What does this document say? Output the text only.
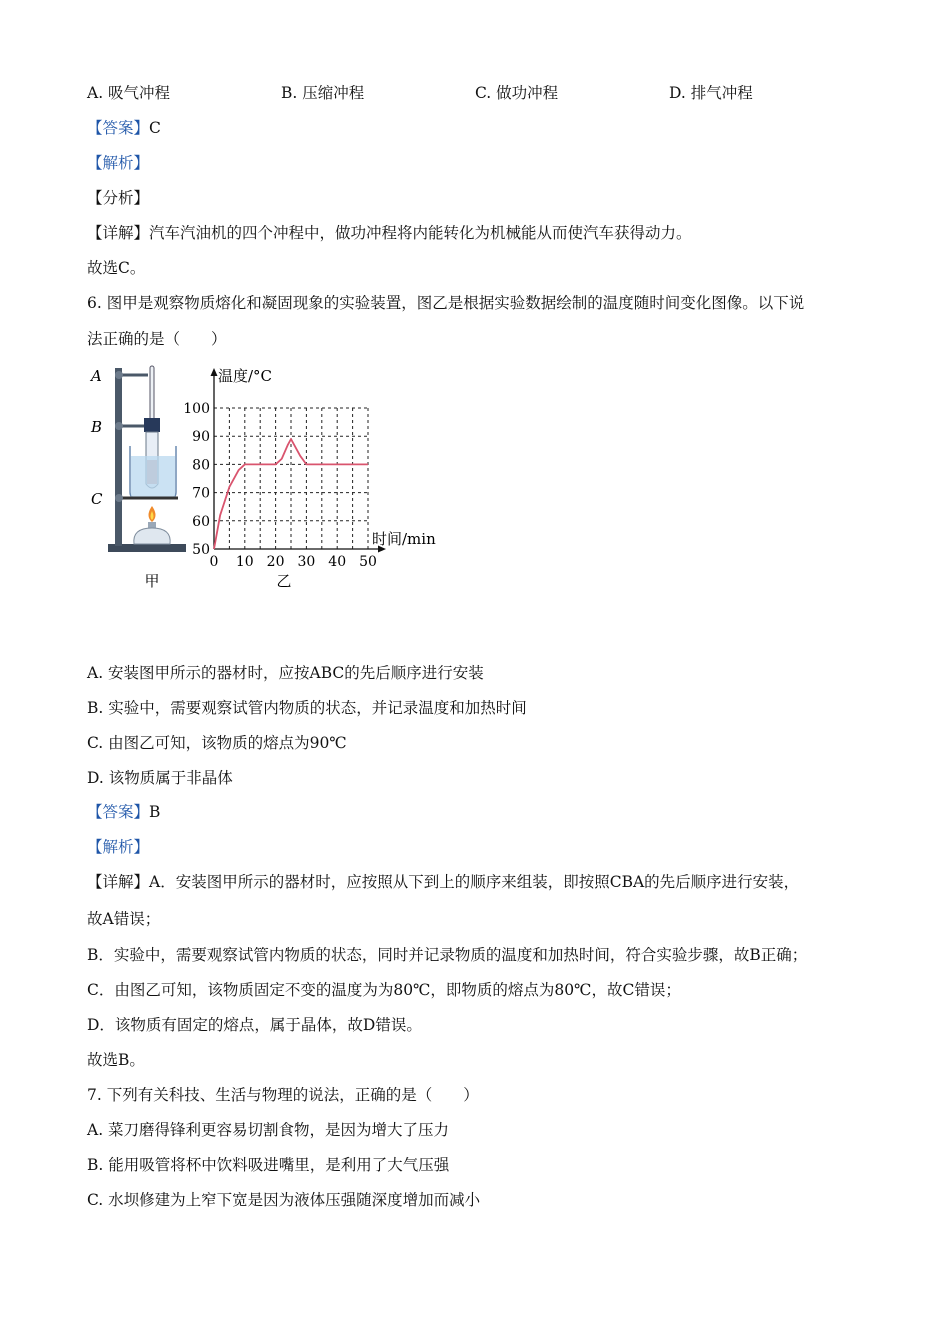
A. 吸气冲程	B. 压缩冲程	C. 做功冲程	D. 排气冲程
【答案】C
【解析】
【分析】
【详解】汽车汽油机的四个冲程中，做功冲程将内能转化为机械能从而使汽车获得动力。
故选C。
6. 图甲是观察物质熔化和凝固现象的实验装置，图乙是根据实验数据绘制的温度随时间变化图像。以下说
法正确的是（　　）
A
B
C
甲
50
60
70
80
90
100
0 10 20 30 40 50
温度/°C
时间/min
乙
A. 安装图甲所示的器材时，应按ABC的先后顺序进行安装
B. 实验中，需要观察试管内物质的状态，并记录温度和加热时间
C. 由图乙可知，该物质的熔点为90℃
D. 该物质属于非晶体
【答案】B
【解析】
【详解】A．安装图甲所示的器材时，应按照从下到上的顺序来组装，即按照CBA的先后顺序进行安装，
故A错误；
B．实验中，需要观察试管内物质的状态，同时并记录物质的温度和加热时间，符合实验步骤，故B正确；
C．由图乙可知，该物质固定不变的温度为为80℃，即物质的熔点为80℃，故C错误；
D．该物质有固定的熔点，属于晶体，故D错误。
故选B。
7. 下列有关科技、生活与物理的说法，正确的是（　　）
A. 菜刀磨得锋利更容易切割食物，是因为增大了压力
B. 能用吸管将杯中饮料吸进嘴里，是利用了大气压强
C. 水坝修建为上窄下宽是因为液体压强随深度增加而减小
